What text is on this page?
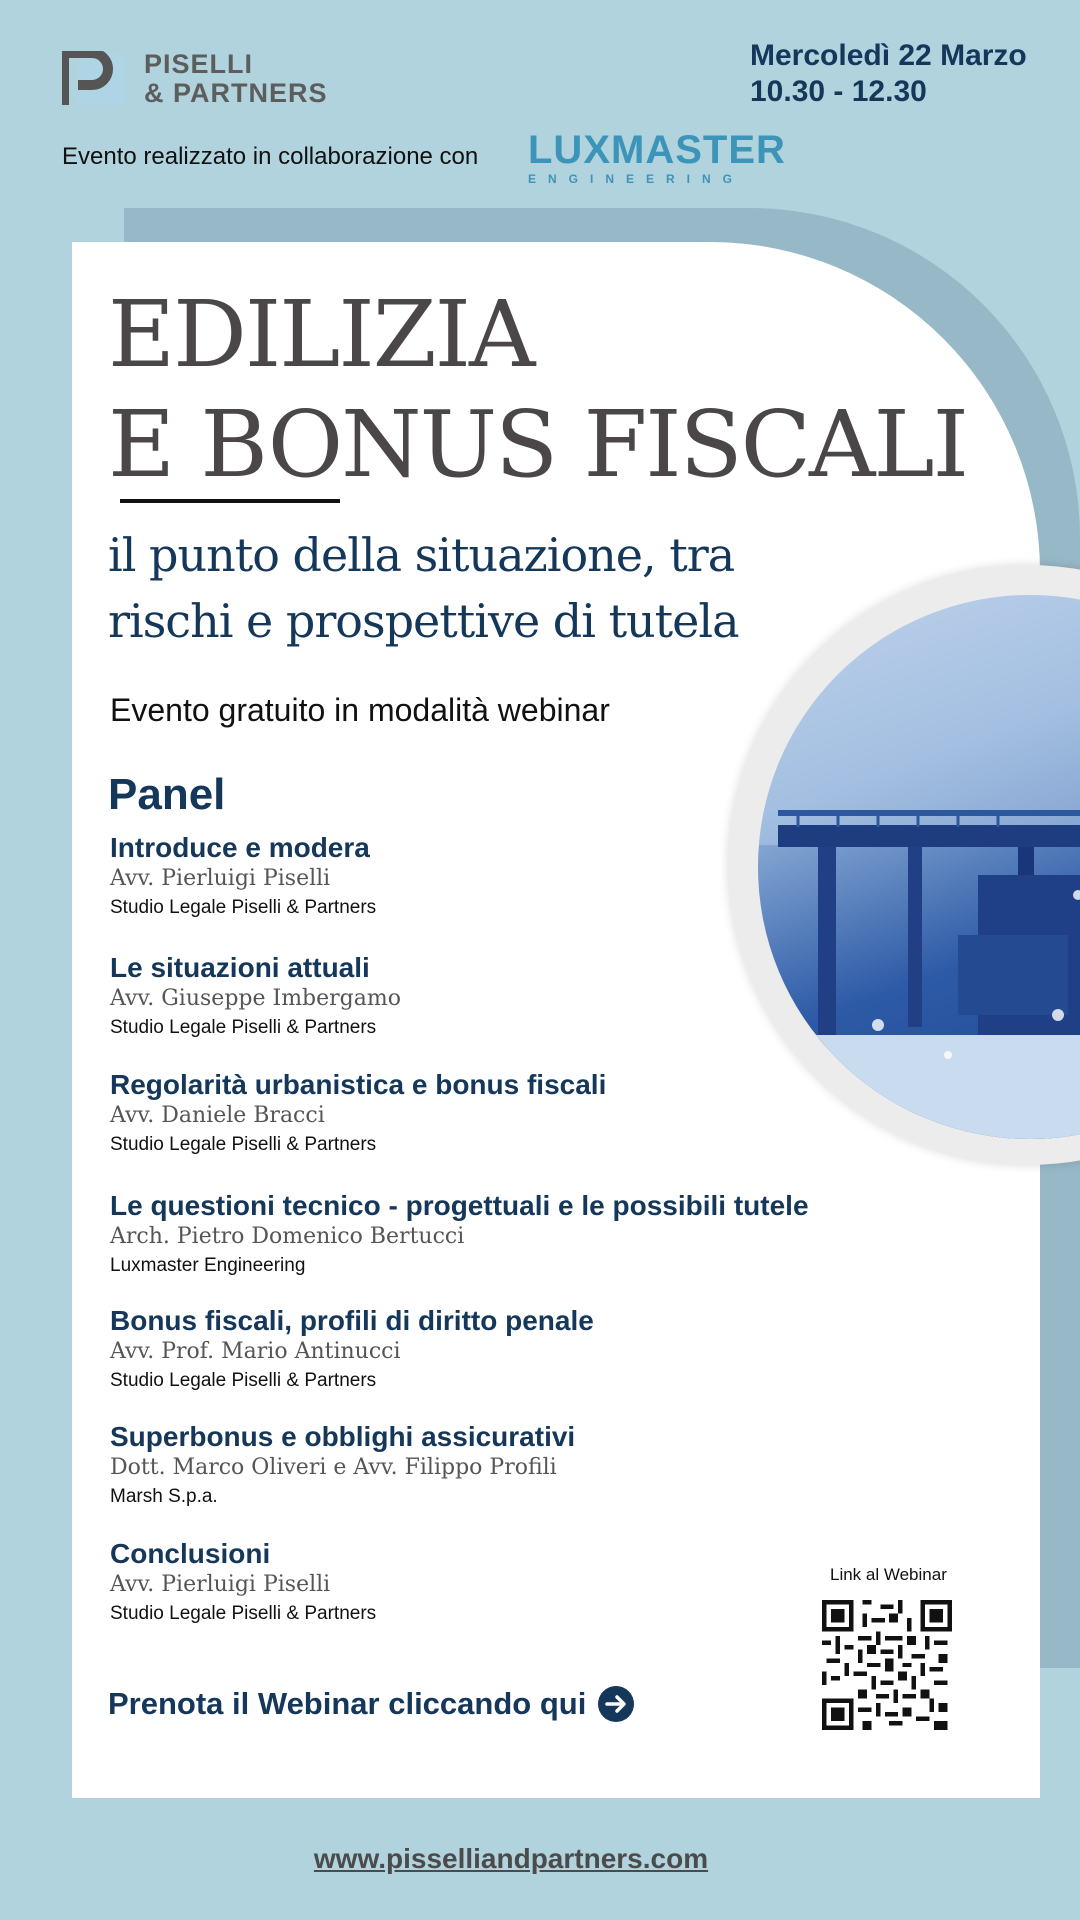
PISELLI
& PARTNERS
Mercoledì 22 Marzo
10.30 - 12.30
Evento realizzato in collaborazione con LUXMASTER
ENGINEERING
EDILIZIA
E BONUS FISCALI
il punto della situazione, tra
rischi e prospettive di tutela
Evento gratuito in modalità webinar
Panel
Introduce e modera
Avv. Pierluigi Piselli
Studio Legale Piselli & Partners
Le situazioni attuali
Avv. Giuseppe Imbergamo
Studio Legale Piselli & Partners
Regolarità urbanistica e bonus fiscali
Avv. Daniele Bracci
Studio Legale Piselli & Partners
Le questioni tecnico - progettuali e le possibili tutele
Arch. Pietro Domenico Bertucci
Luxmaster Engineering
Bonus fiscali, profili di diritto penale
Avv. Prof. Mario Antinucci
Studio Legale Piselli & Partners
Superbonus e obblighi assicurativi
Dott. Marco Oliveri e Avv. Filippo Profili
Marsh S.p.a.
Conclusioni
Avv. Pierluigi Piselli
Studio Legale Piselli & Partners
Prenota il Webinar cliccando qui
Link al Webinar
www.pisselliandpartners.com
